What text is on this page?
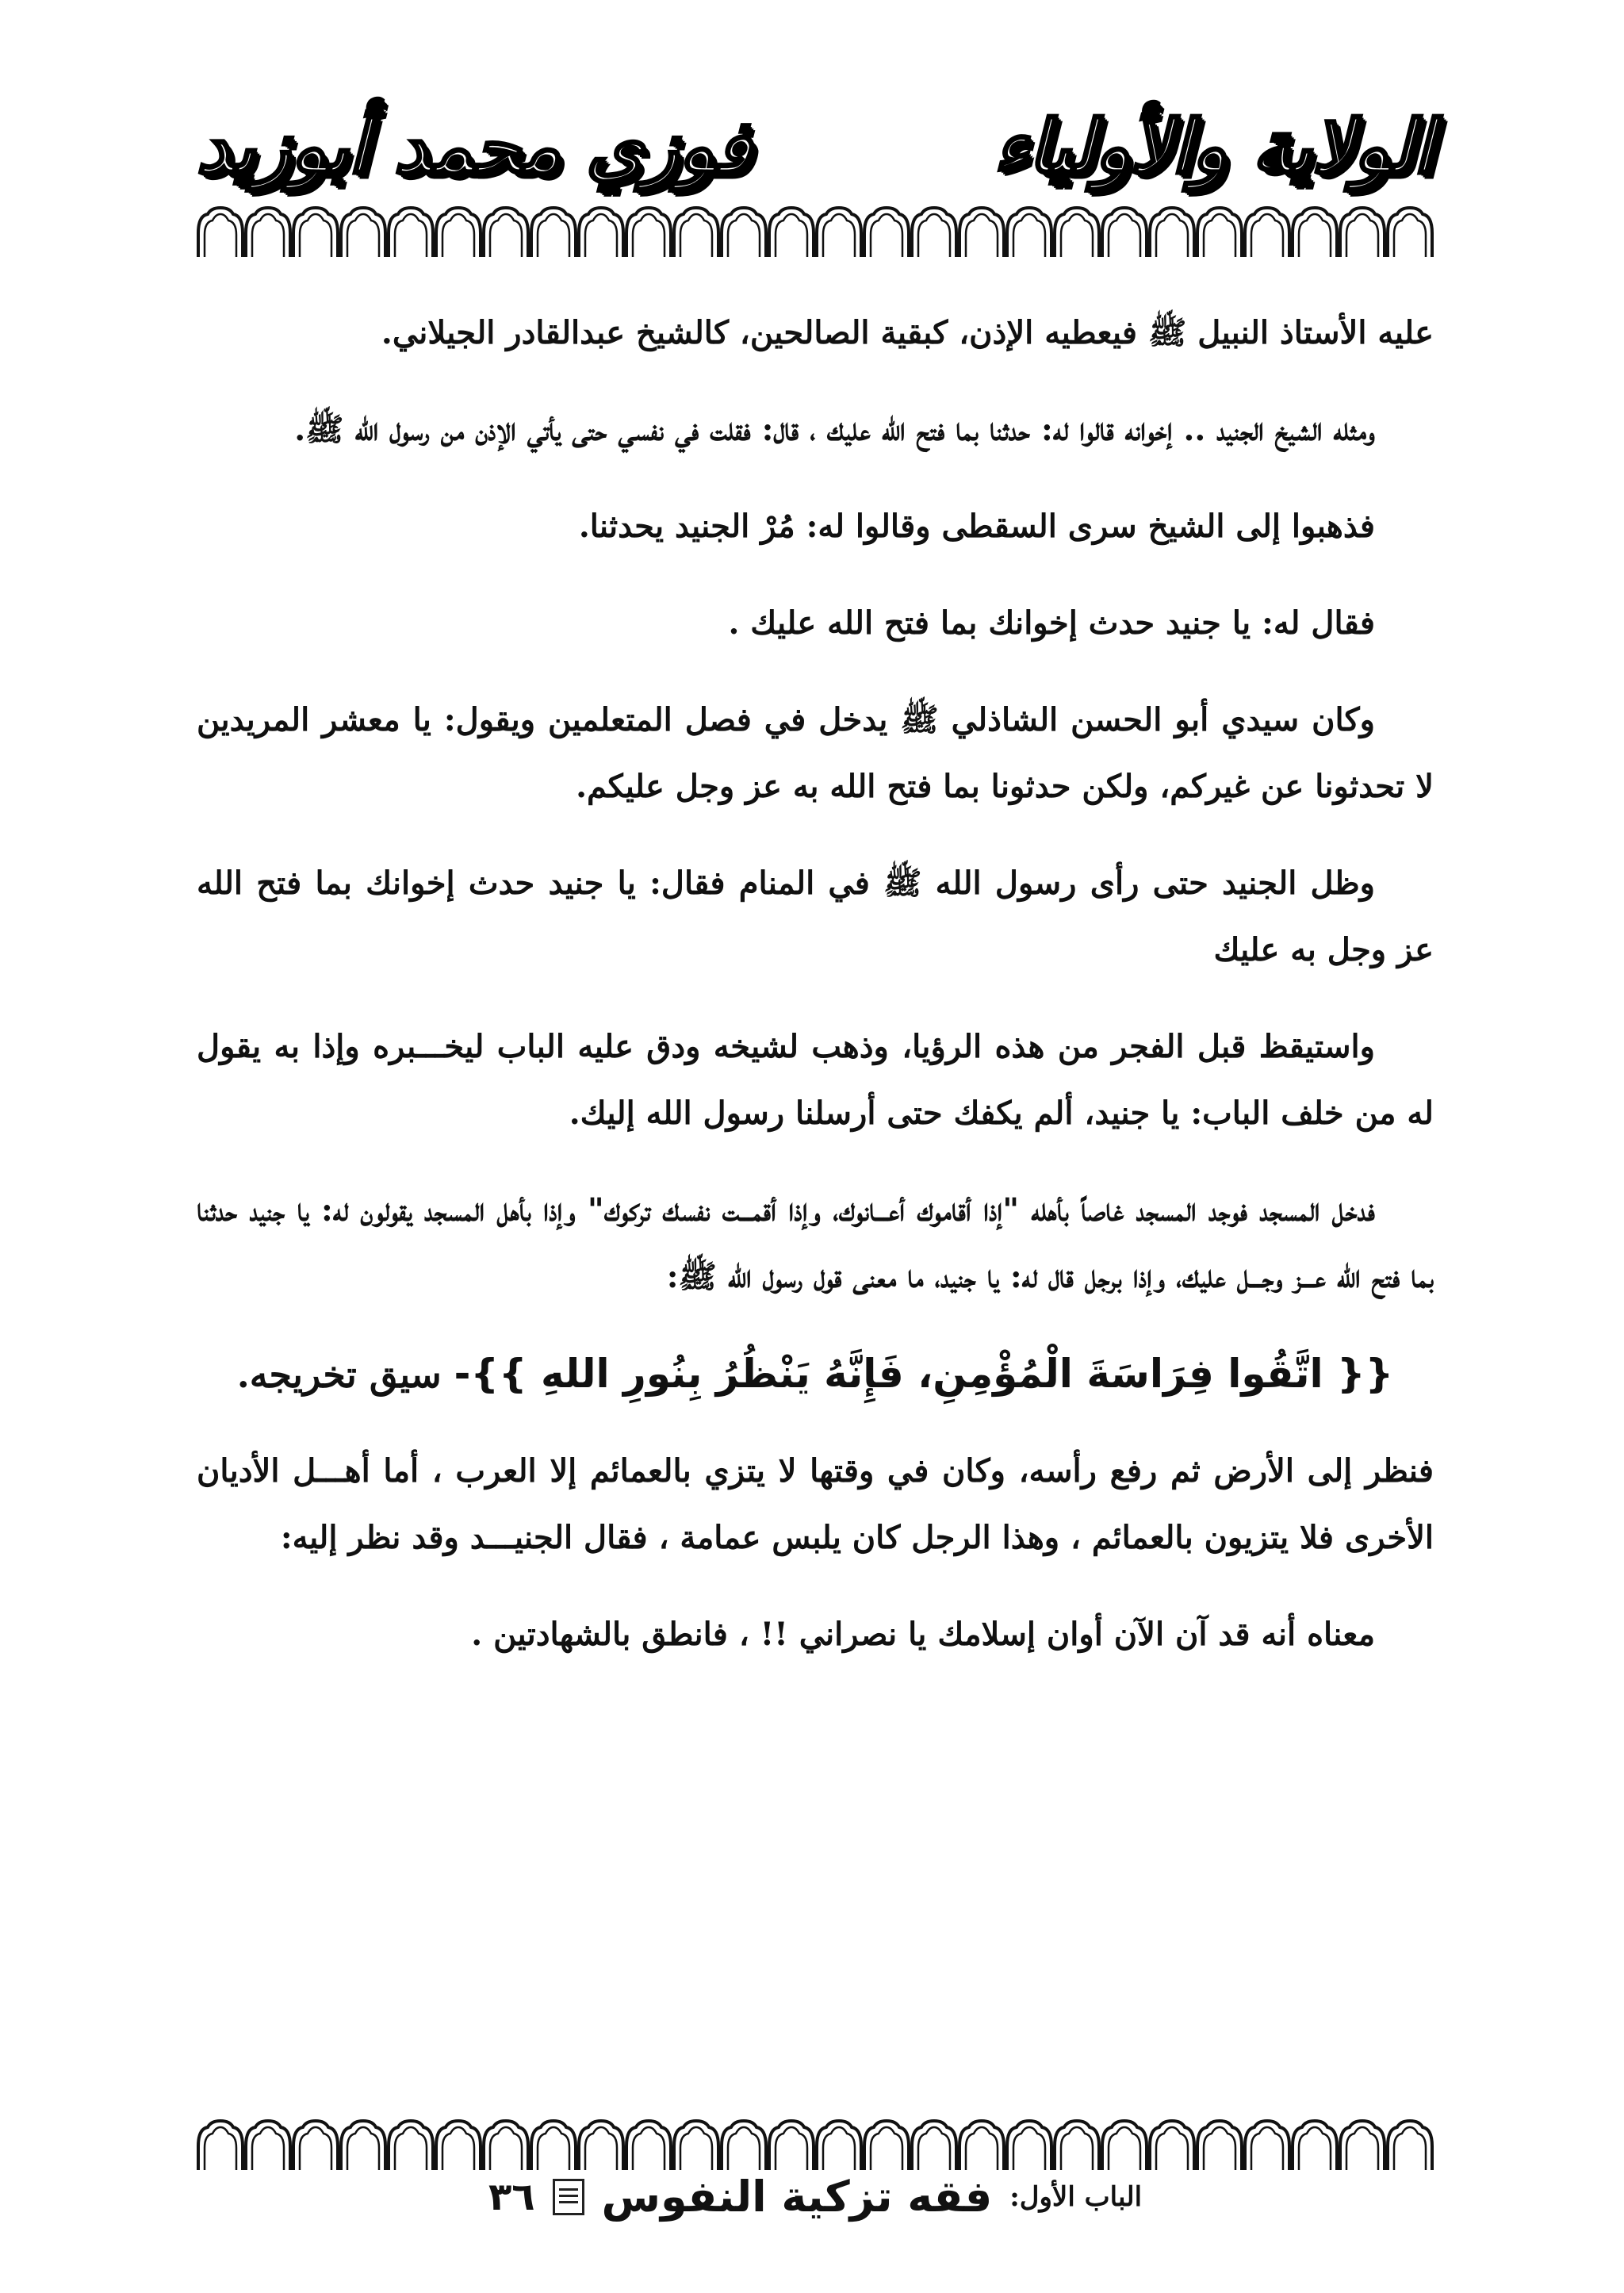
الولاية والأولياء
فوزي محمد أبوزيد

عليه الأستاذ النبيل ﷺ فيعطيه الإذن، كبقية الصالحين، كالشيخ عبدالقادر الجيلاني.

ومثله الشيخ الجنيد .. إخوانه قالوا له: حدثنا بما فتح الله عليك ، قال: فقلت في نفسي حتى يأتي الإذن من رسول الله ﷺ.

فذهبوا إلى الشيخ سرى السقطى وقالوا له: مُرْ الجنيد يحدثنا.

فقال له: يا جنيد حدث إخوانك بما فتح الله عليك .

وكان سيدي أبو الحسن الشاذلي ﷺ يدخل في فصل المتعلمين ويقول: يا معشر المريدين لا تحدثونا عن غيركم، ولكن حدثونا بما فتح الله به عز وجل عليكم.

وظل الجنيد حتى رأى رسول الله ﷺ في المنام فقال: يا جنيد حدث إخوانك بما فتح الله عز وجل به عليك

واستيقظ قبل الفجر من هذه الرؤيا، وذهب لشيخه ودق عليه الباب ليخـــبره وإذا به يقول له من خلف الباب: يا جنيد، ألم يكفك حتى أرسلنا رسول الله إليك.

فدخل المسجد فوجد المسجد غاصاً بأهله "إذا أقاموك أعـــانوك، وإذا أقمـــت نفسك تركوك" وإذا بأهل المسجد يقولون له: يا جنيد حدثنا بما فتح الله عـــز وجـــل عليك، وإذا برجل قال له: يا جنيد، ما معنى قول رسول الله ﷺ:

{{ اتَّقُوا فِرَاسَةَ الْمُؤْمِنِ، فَإِنَّهُ يَنْظُرُ بِنُورِ اللهِ }}- سيق تخريجه.

فنظر إلى الأرض ثم رفع رأسه، وكان في وقتها لا يتزي بالعمائم إلا العرب ، أما أهـــل الأديان الأخرى فلا يتزيون بالعمائم ، وهذا الرجل كان يلبس عمامة ، فقال الجنيـــد وقد نظر إليه:

معناه أنه قد آن الآن أوان إسلامك يا نصراني !! ، فانطق بالشهادتين .

الباب الأول:
فقه تزكية النفوس
٣٦
